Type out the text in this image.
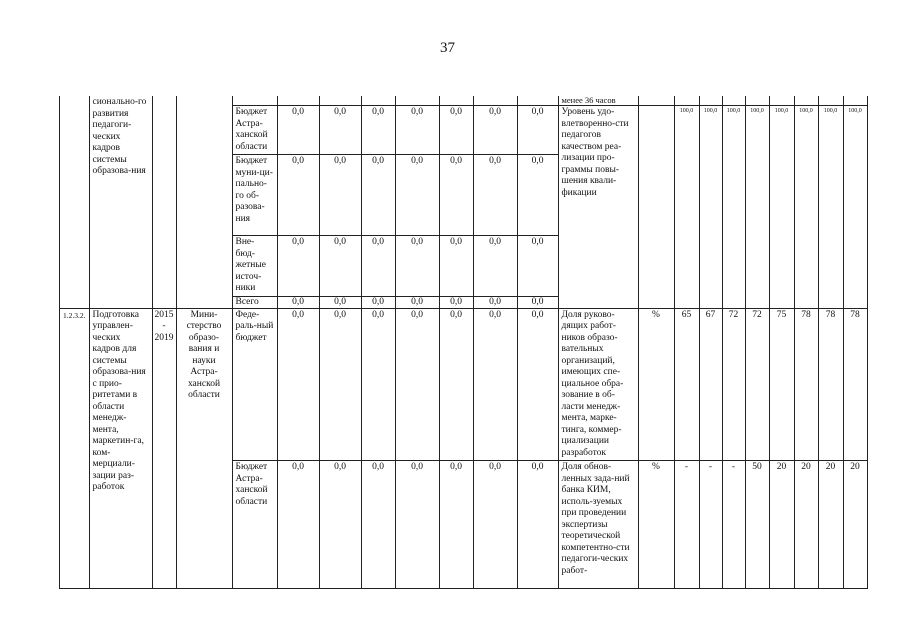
37
	сионально-го развития педагоги-ческих кадров системы образова-ния											менее 36 часов									
				Бюджет Астра-ханской области	0,0	0,0	0,0	0,0	0,0	0,0	0,0	Уровень удо-влетворенно-сти педагогов качеством реа-лизации про-граммы повы-шения квали-фикации		100,0	100,0	100,0	100,0	100,0	100,0	100,0	100,0
				Бюджет муни-ци-пально-го об-разова-ния	0,0	0,0	0,0	0,0	0,0	0,0	0,0										
				Вне-бюд-жетные источ-ники	0,0	0,0	0,0	0,0	0,0	0,0	0,0										
				Всего	0,0	0,0	0,0	0,0	0,0	0,0	0,0										
1.2.3.2.	Подготовка управлен-ческих кадров для системы образова-ния с прио-ритетами в области менедж-мента, маркетин-га, ком-мерциали-зации раз-работок	2015 - 2019	Мини-стерство образо-вания и науки Астра-ханской области	Феде-раль-ный бюджет	0,0	0,0	0,0	0,0	0,0	0,0	0,0	Доля руково-дящих работ-ников образо-вательных организаций, имеющих спе-циальное обра-зование в об-ласти менедж-мента, марке-тинга, коммер-циализации разработок	%	65	67	72	72	75	78	78	78
				Бюджет Астра-ханской области	0,0	0,0	0,0	0,0	0,0	0,0	0,0	Доля обнов-ленных зада-ний банка КИМ, исполь-зуемых при проведении экспертизы теоретической компетентно-сти педагоги-ческих работ-	%	-	-	-	50	20	20	20	20
